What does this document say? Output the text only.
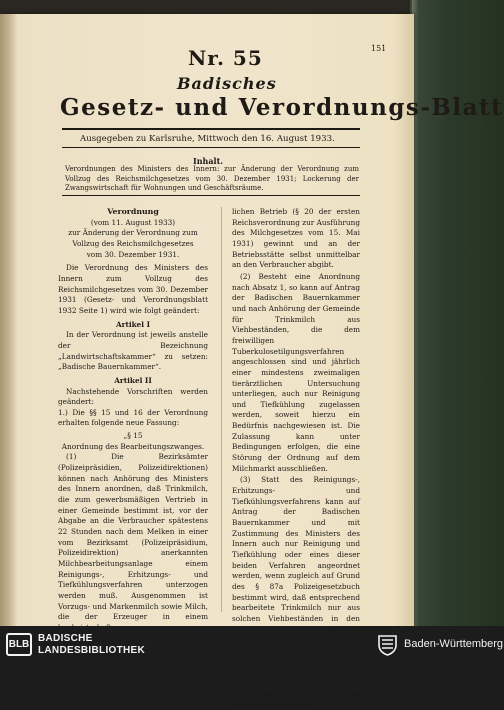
151
Nr. 55
Badisches
Gesetz- und Verordnungs-Blatt
Ausgegeben zu Karlsruhe, Mittwoch den 16. August 1933.
Inhalt.
Verordnungen des Ministers des Innern: zur Änderung der Verordnung zum Vollzug des Reichsmilchgesetzes vom 30. Dezember 1931; Lockerung der Zwangswirtschaft für Wohnungen und Geschäftsräume.

Verordnung

(vom 11. August 1933)

zur Änderung der Verordnung zum Vollzug des Reichsmilchgesetzes vom 30. Dezember 1931.

Die Verordnung des Ministers des Innern zum Vollzug des Reichsmilchgesetzes vom 30. Dezember 1931 (Gesetz- und Verordnungsblatt 1932 Seite 1) wird wie folgt geändert:

Artikel I

In der Verordnung ist jeweils anstelle der Bezeichnung „Landwirtschaftskammer“ zu setzen: „Badische Bauernkammer“.

Artikel II

Nachstehende Vorschriften werden geändert:

1.) Die §§ 15 und 16 der Verordnung erhalten folgende neue Fassung:

„§ 15

Anordnung des Bearbeitungszwanges.

(1) Die Bezirksämter (Polizeipräsidien, Polizeidirektionen) können nach Anhörung des Ministers des Innern anordnen, daß Trinkmilch, die zum gewerbsmäßigen Vertrieb in einer Gemeinde bestimmt ist, vor der Abgabe an die Verbraucher spätestens 22 Stunden nach dem Melken in einer vom Bezirksamt (Polizeipräsidium, Polizeidirektion) anerkannten Milchbearbeitungsanlage einem Reinigungs-, Erhitzungs- und Tiefkühlungsverfahren unterzogen werden muß. Ausgenommen ist Vorzugs- und Markenmilch sowie Milch, die der Erzeuger in einem

lichen Betrieb (§ 20 der ersten Reichsverordnung zur Ausführung des Milchgesetzes vom 15. Mai 1931) gewinnt und an der Betriebsstätte selbst unmittelbar an den Verbraucher abgibt.

(2) Besteht eine Anordnung nach Absatz 1, so kann auf Antrag der Badischen Bauernkammer und nach Anhörung der Gemeinde für Trinkmilch aus Viehbeständen, die dem freiwilligen Tuberkulosetilgungsverfahren angeschlossen sind und jährlich einer mindestens zweimaligen tierärztlichen Untersuchung unterliegen, auch nur Reinigung und Tiefkühlung zugelassen werden, soweit hierzu ein Bedürfnis nachgewiesen ist. Die Zulassung kann unter Bedingungen erfolgen, die eine Störung der Ordnung auf dem Milchmarkt ausschließen.

(3) Statt des Reinigungs-, Erhitzungs- und Tiefkühlungsverfahrens kann auf Antrag der Badischen Bauernkammer und mit Zustimmung des Ministers des Innern auch nur Reinigung und Tiefkühlung oder eines dieser beiden Verfahren angeordnet werden, wenn zugleich auf Grund des § 87a Polizeigesetzbuch bestimmt wird, daß entsprechend bearbeitete Trinkmilch nur aus solchen Viehbeständen in den einer mindestens zweimaligen tierärztlichen Untersuchung unterliegen. In die Anordnung können Vorschriften

BLB
BADISCHE
LANDESBIBLIOTHEK
Baden-Württemberg
